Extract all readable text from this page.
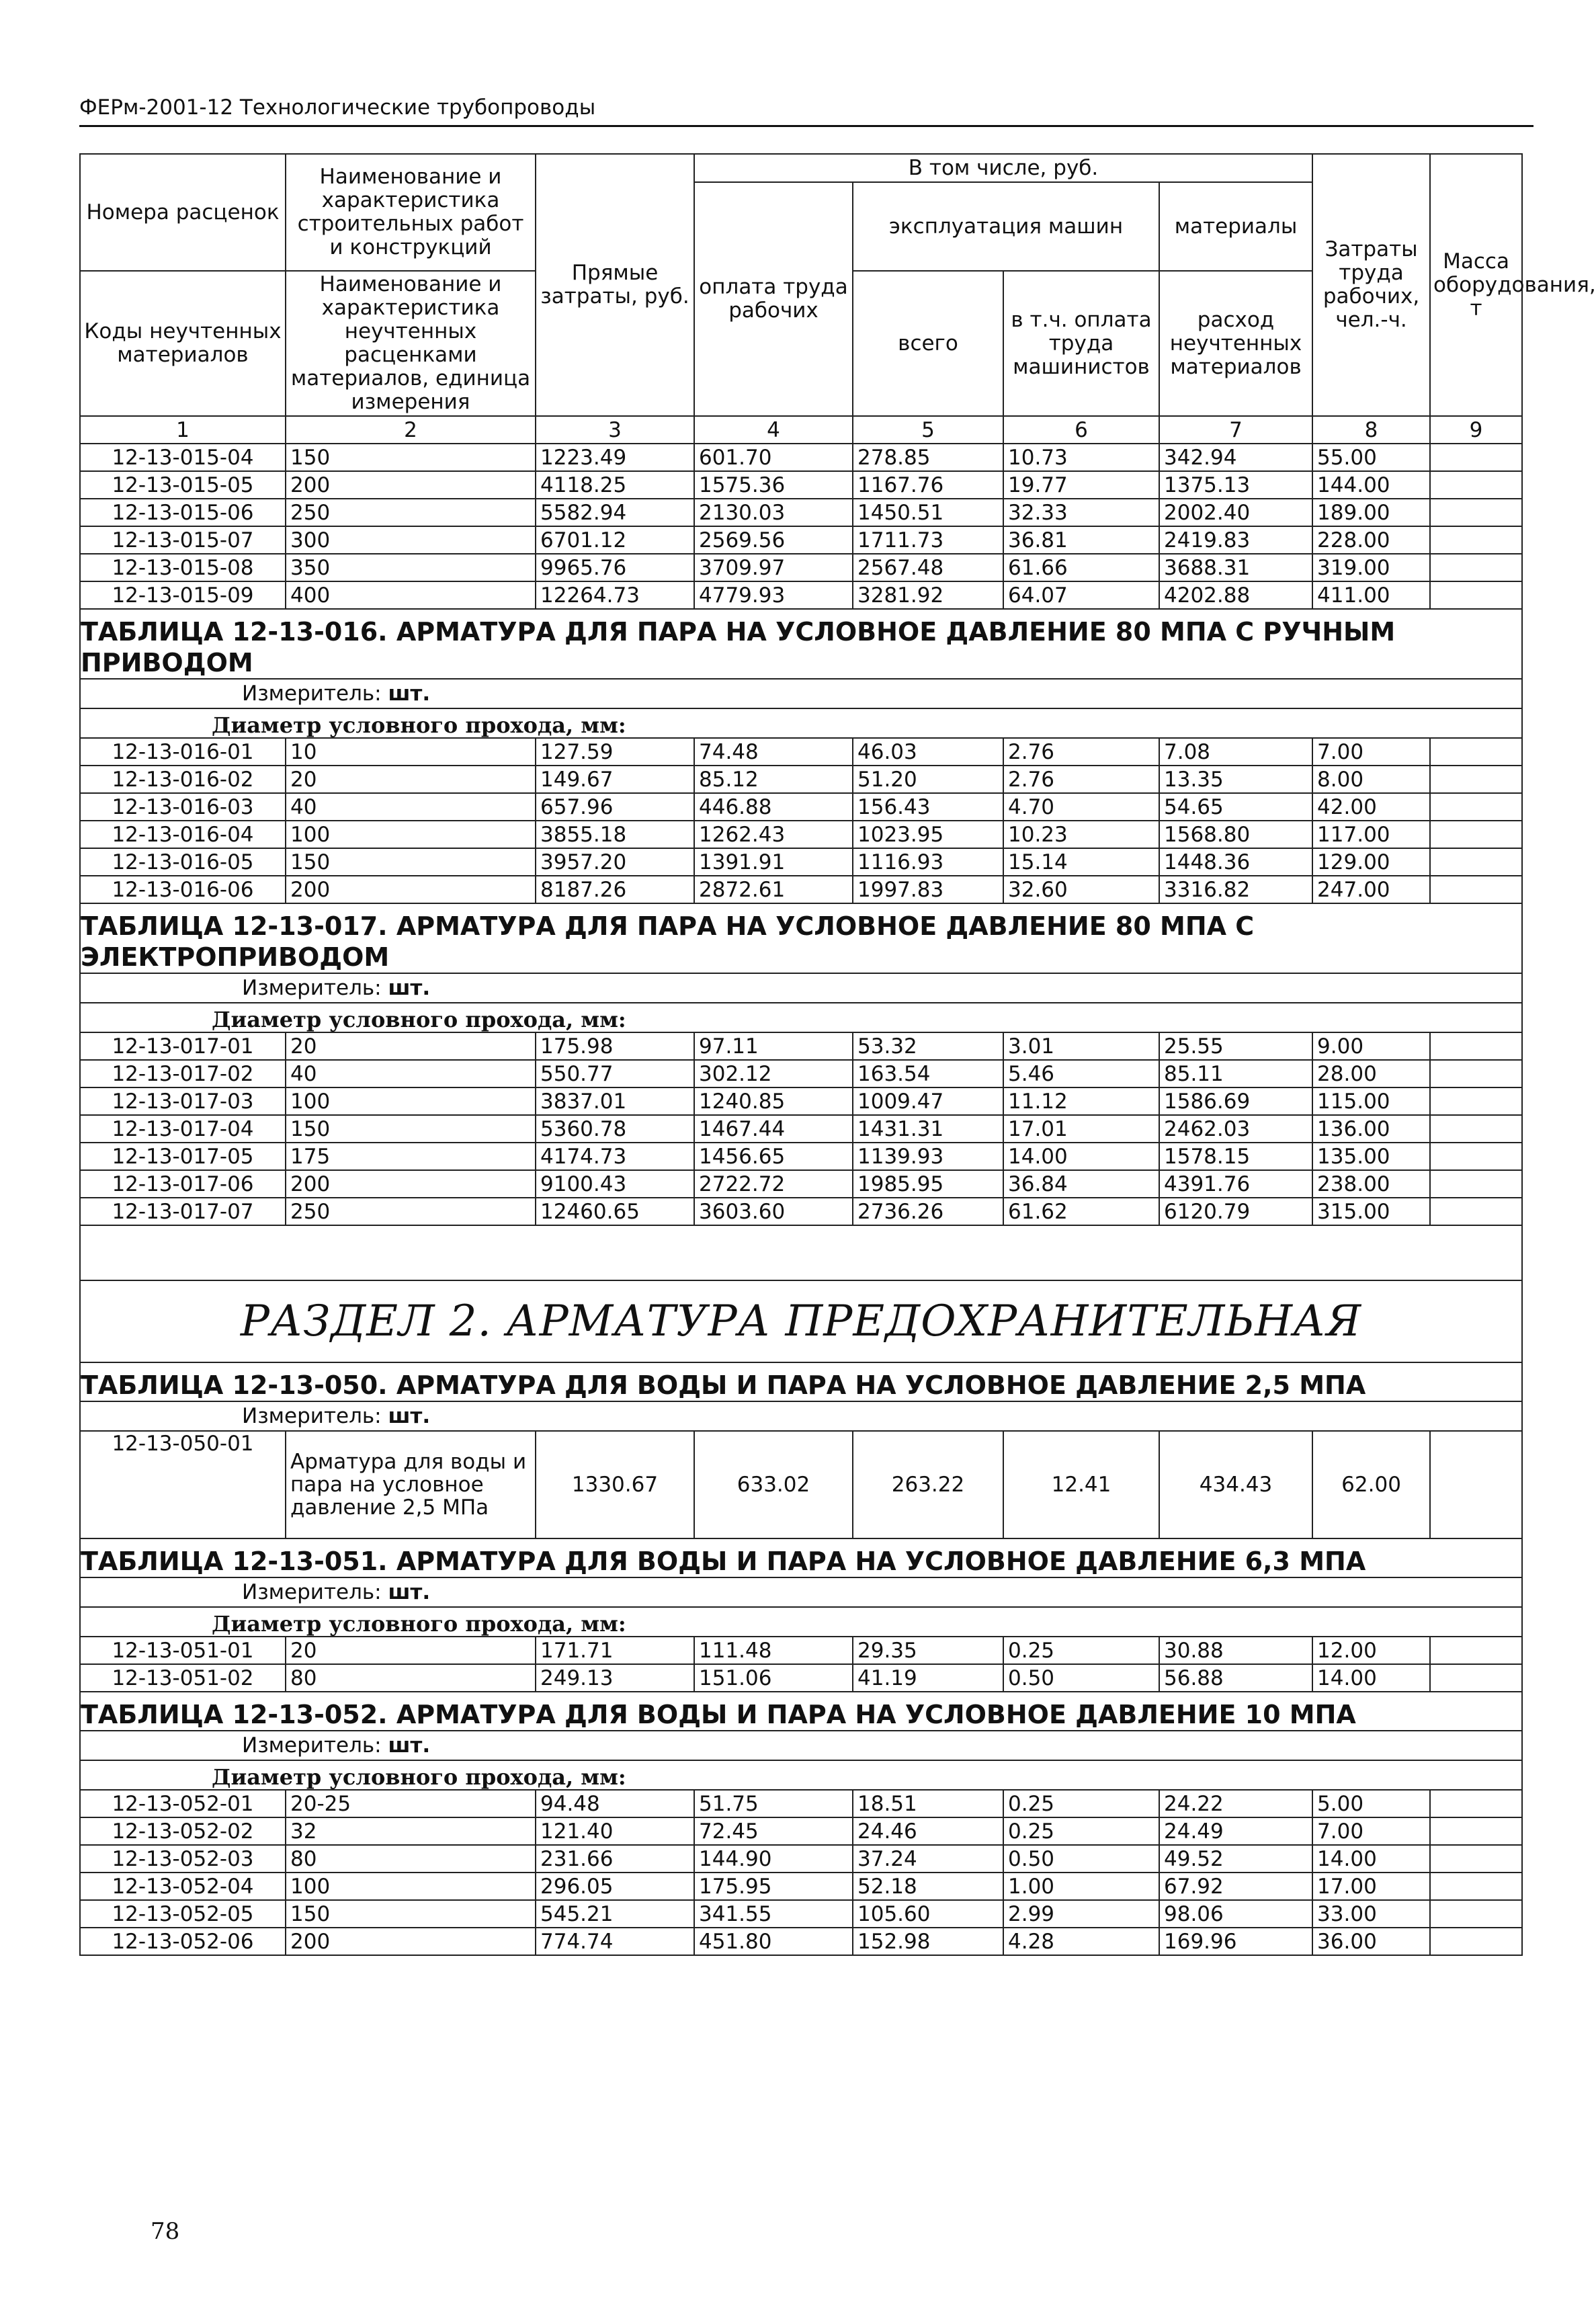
ФЕРм-2001-12 Технологические трубопроводы
Номера расценок	Наименование и характеристика строительных работ и конструкций	Прямые затраты, руб.	В том числе, руб.				Затраты труда рабочих, чел.-ч.	Масса оборудования, т
			оплата труда рабочих	эксплуатация машин		материалы		

Коды неучтенных материалов	Наименование и характеристика неучтенных расценками материалов, единица измерения			всего	в т.ч. оплата труда машинистов	расход неучтенных материалов		

1	2	3	4	5	6	7	8	9
12-13-015-04	150	1223.49	601.70	278.85	10.73	342.94	55.00	
12-13-015-05	200	4118.25	1575.36	1167.76	19.77	1375.13	144.00	
12-13-015-06	250	5582.94	2130.03	1450.51	32.33	2002.40	189.00	
12-13-015-07	300	6701.12	2569.56	1711.73	36.81	2419.83	228.00	
12-13-015-08	350	9965.76	3709.97	2567.48	61.66	3688.31	319.00	
12-13-015-09	400	12264.73	4779.93	3281.92	64.07	4202.88	411.00	
ТАБЛИЦА 12-13-016. АРМАТУРА ДЛЯ ПАРА НА УСЛОВНОЕ ДАВЛЕНИЕ 80 МПА С РУЧНЫМ ПРИВОДОМ								
Измеритель: шт.								
Диаметр условного прохода, мм:								
12-13-016-01	10	127.59	74.48	46.03	2.76	7.08	7.00	
12-13-016-02	20	149.67	85.12	51.20	2.76	13.35	8.00	
12-13-016-03	40	657.96	446.88	156.43	4.70	54.65	42.00	
12-13-016-04	100	3855.18	1262.43	1023.95	10.23	1568.80	117.00	
12-13-016-05	150	3957.20	1391.91	1116.93	15.14	1448.36	129.00	
12-13-016-06	200	8187.26	2872.61	1997.83	32.60	3316.82	247.00	
ТАБЛИЦА 12-13-017. АРМАТУРА ДЛЯ ПАРА НА УСЛОВНОЕ ДАВЛЕНИЕ 80 МПА С ЭЛЕКТРОПРИВОДОМ								
Измеритель: шт.								
Диаметр условного прохода, мм:								
12-13-017-01	20	175.98	97.11	53.32	3.01	25.55	9.00	
12-13-017-02	40	550.77	302.12	163.54	5.46	85.11	28.00	
12-13-017-03	100	3837.01	1240.85	1009.47	11.12	1586.69	115.00	
12-13-017-04	150	5360.78	1467.44	1431.31	17.01	2462.03	136.00	
12-13-017-05	175	4174.73	1456.65	1139.93	14.00	1578.15	135.00	
12-13-017-06	200	9100.43	2722.72	1985.95	36.84	4391.76	238.00	
12-13-017-07	250	12460.65	3603.60	2736.26	61.62	6120.79	315.00	

РАЗДЕЛ 2. АРМАТУРА ПРЕДОХРАНИТЕЛЬНАЯ								
ТАБЛИЦА 12-13-050. АРМАТУРА ДЛЯ ВОДЫ И ПАРА НА УСЛОВНОЕ ДАВЛЕНИЕ 2,5 МПА								
Измеритель: шт.								
12-13-050-01	Арматура для воды и пара на условное давление 2,5 МПа	1330.67	633.02	263.22	12.41	434.43	62.00	
ТАБЛИЦА 12-13-051. АРМАТУРА ДЛЯ ВОДЫ И ПАРА НА УСЛОВНОЕ ДАВЛЕНИЕ 6,3 МПА								
Измеритель: шт.								
Диаметр условного прохода, мм:								
12-13-051-01	20	171.71	111.48	29.35	0.25	30.88	12.00	
12-13-051-02	80	249.13	151.06	41.19	0.50	56.88	14.00	
ТАБЛИЦА 12-13-052. АРМАТУРА ДЛЯ ВОДЫ И ПАРА НА УСЛОВНОЕ ДАВЛЕНИЕ 10 МПА								
Измеритель: шт.								
Диаметр условного прохода, мм:								
12-13-052-01	20-25	94.48	51.75	18.51	0.25	24.22	5.00	
12-13-052-02	32	121.40	72.45	24.46	0.25	24.49	7.00	
12-13-052-03	80	231.66	144.90	37.24	0.50	49.52	14.00	
12-13-052-04	100	296.05	175.95	52.18	1.00	67.92	17.00	
12-13-052-05	150	545.21	341.55	105.60	2.99	98.06	33.00	
12-13-052-06	200	774.74	451.80	152.98	4.28	169.96	36.00	
78
